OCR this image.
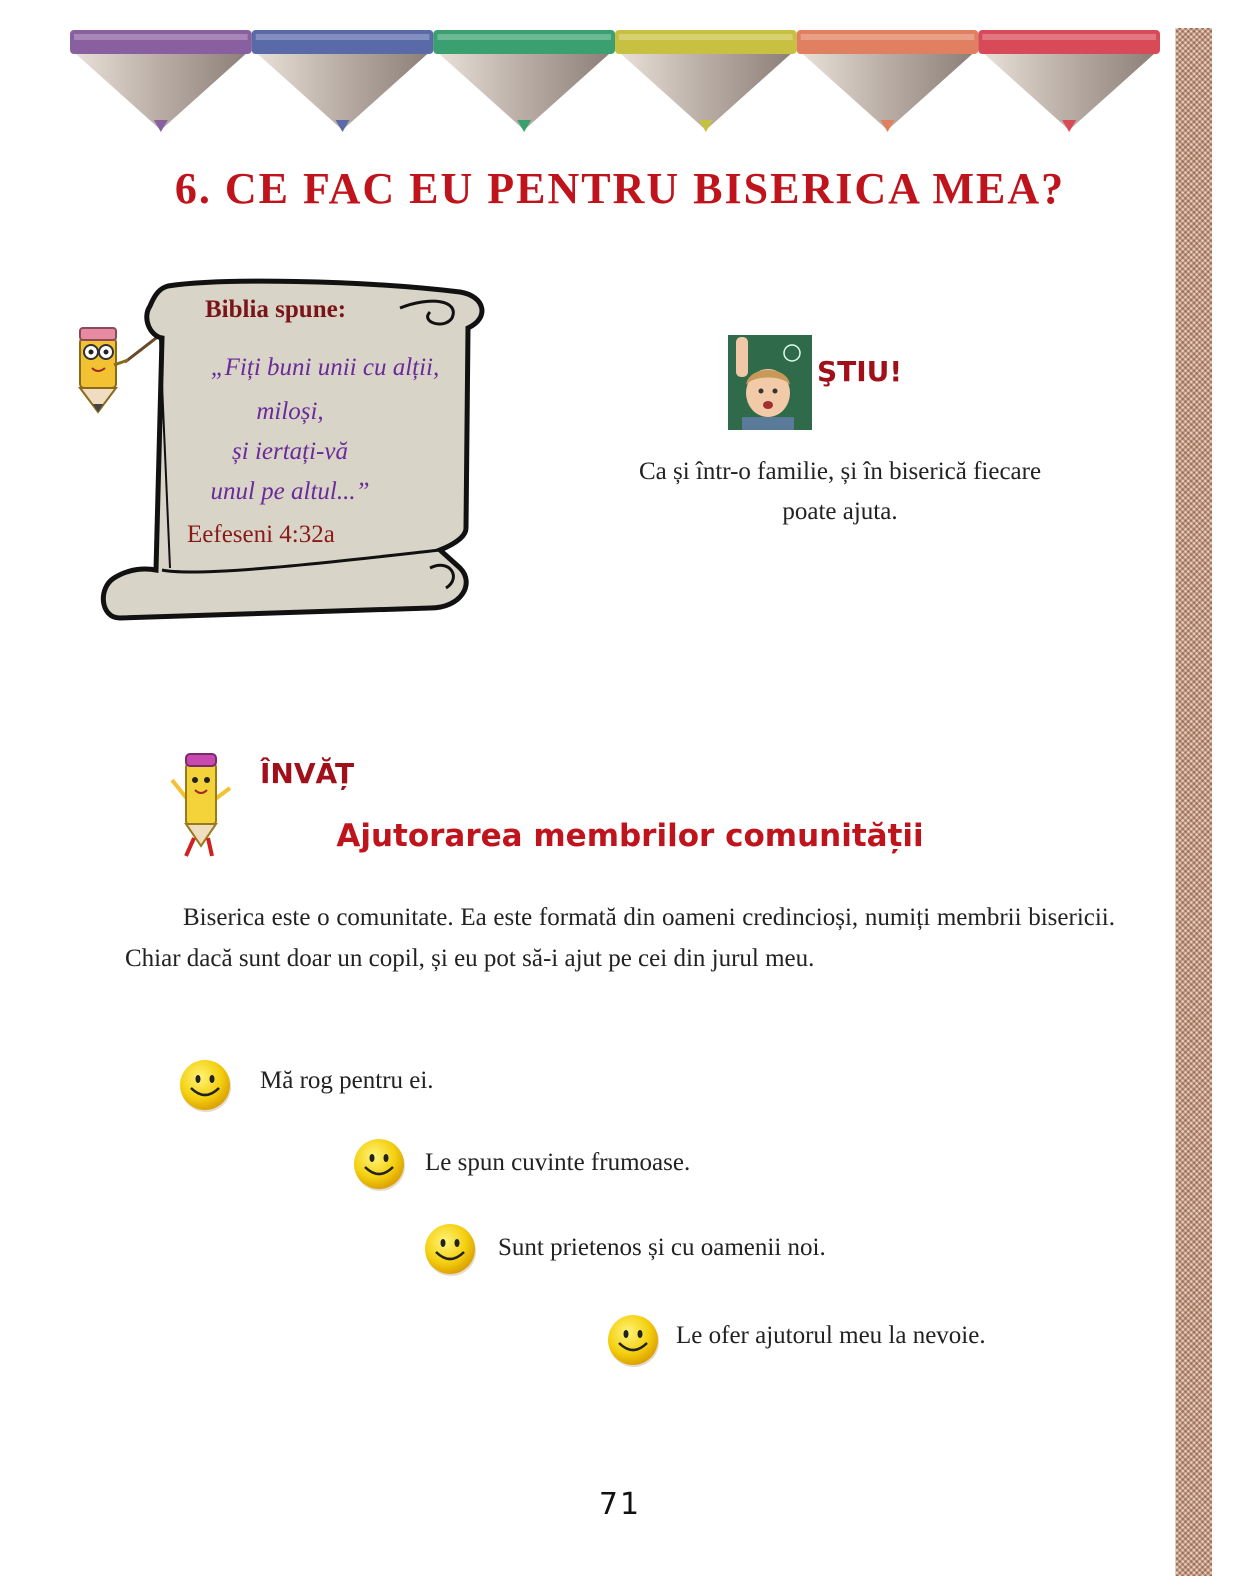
6. CE FAC EU PENTRU BISERICA MEA?
Biblia spune:
„Fiți buni unii cu alții,
miloși,
și iertați-vă
unul pe altul...”
Eefeseni 4:32a
ŞTIU!
Ca și într-o familie, și în biserică fiecare poate ajuta.
ÎNVĂȚ
Ajutorarea membrilor comunității
Biserica este o comunitate. Ea este formată din oameni credincioși, numiți membrii bisericii. Chiar dacă sunt doar un copil, și eu pot să-i ajut pe cei din jurul meu.
Mă rog pentru ei.
Le spun cuvinte frumoase.
Sunt prietenos și cu oamenii noi.
Le ofer ajutorul meu la nevoie.
71
